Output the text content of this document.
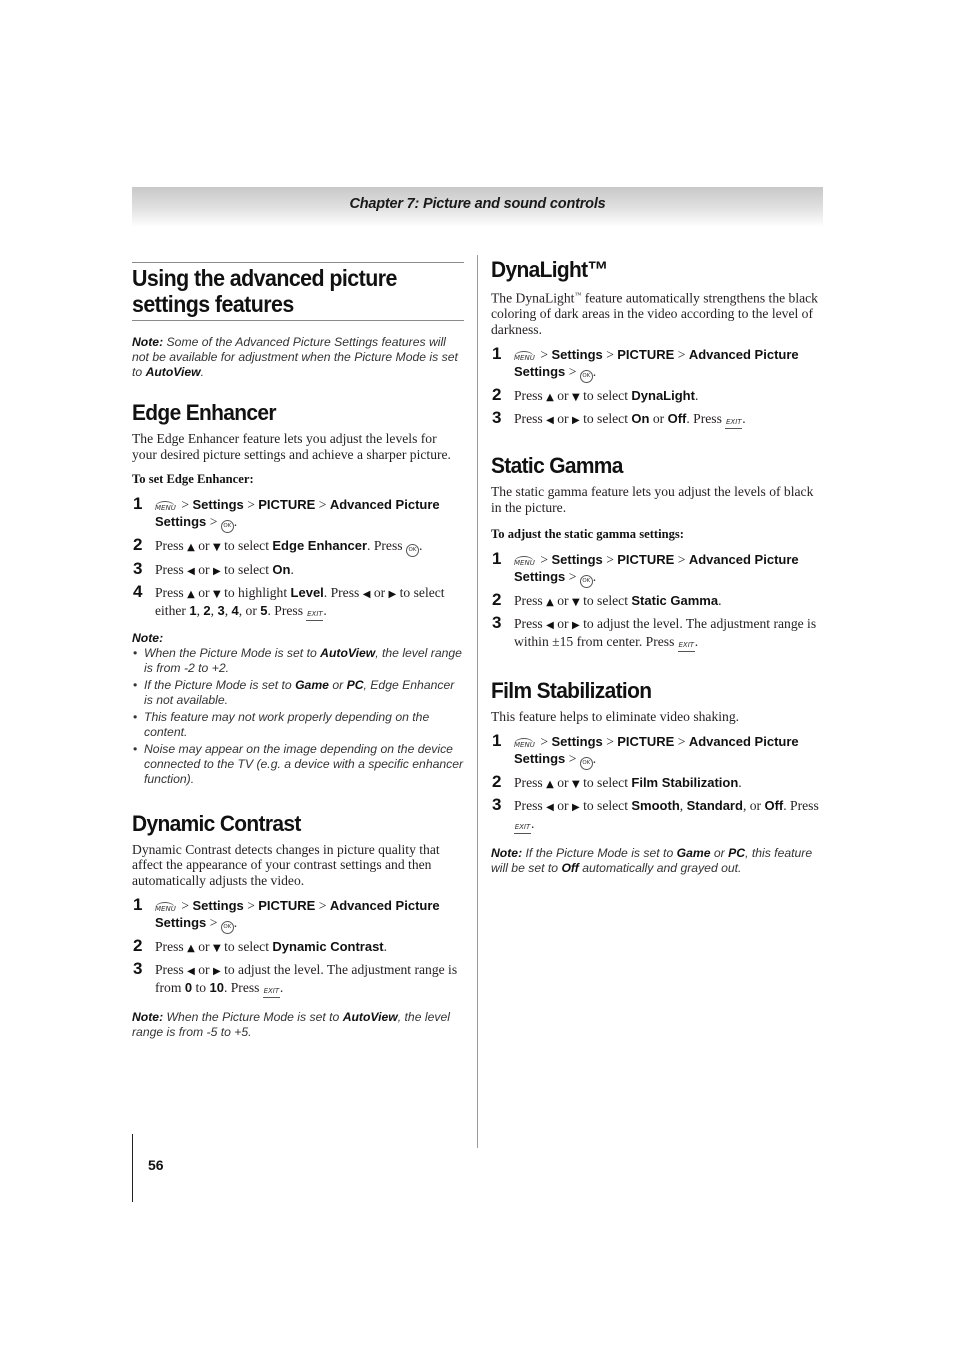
Chapter 7: Picture and sound controls
Using the advanced picture settings features

Note: Some of the Advanced Picture Settings features will not be available for adjustment when the Picture Mode is set to AutoView.

Edge Enhancer

The Edge Enhancer feature lets you adjust the levels for your desired picture settings and achieve a sharper picture.

To set Edge Enhancer:

1 MENU > Settings > PICTURE > Advanced Picture Settings > OK .
2 Press ▲ or ▼ to select Edge Enhancer. Press OK .
3 Press ◀ or ▶ to select On.
4 Press ▲ or ▼ to highlight Level. Press ◀ or ▶ to select either 1, 2, 3, 4, or 5. Press EXIT.

Note:

• When the Picture Mode is set to AutoView, the level range is from -2 to +2.
• If the Picture Mode is set to Game or PC, Edge Enhancer is not available.
• This feature may not work properly depending on the content.
• Noise may appear on the image depending on the device connected to the TV (e.g. a device with a specific enhancer function).
Dynamic Contrast

Dynamic Contrast detects changes in picture quality that affect the appearance of your contrast settings and then automatically adjusts the video.

1 MENU > Settings > PICTURE > Advanced Picture Settings > OK .
2 Press ▲ or ▼ to select Dynamic Contrast.
3 Press ◀ or ▶ to adjust the level. The adjustment range is from 0 to 10. Press EXIT.

Note: When the Picture Mode is set to AutoView, the level range is from -5 to +5.

DynaLight™

The DynaLight™ feature automatically strengthens the black coloring of dark areas in the video according to the level of darkness.

1 MENU > Settings > PICTURE > Advanced Picture Settings > OK .
2 Press ▲ or ▼ to select DynaLight.
3 Press ◀ or ▶ to select On or Off. Press EXIT.
Static Gamma

The static gamma feature lets you adjust the levels of black in the picture.

To adjust the static gamma settings:

1 MENU > Settings > PICTURE > Advanced Picture Settings > OK .
2 Press ▲ or ▼ to select Static Gamma.
3 Press ◀ or ▶ to adjust the level. The adjustment range is within ±15 from center. Press EXIT.
Film Stabilization

This feature helps to eliminate video shaking.

1 MENU > Settings > PICTURE > Advanced Picture Settings > OK .
2 Press ▲ or ▼ to select Film Stabilization.
3 Press ◀ or ▶ to select Smooth, Standard, or Off. Press EXIT.

Note: If the Picture Mode is set to Game or PC, this feature will be set to Off automatically and grayed out.

56
